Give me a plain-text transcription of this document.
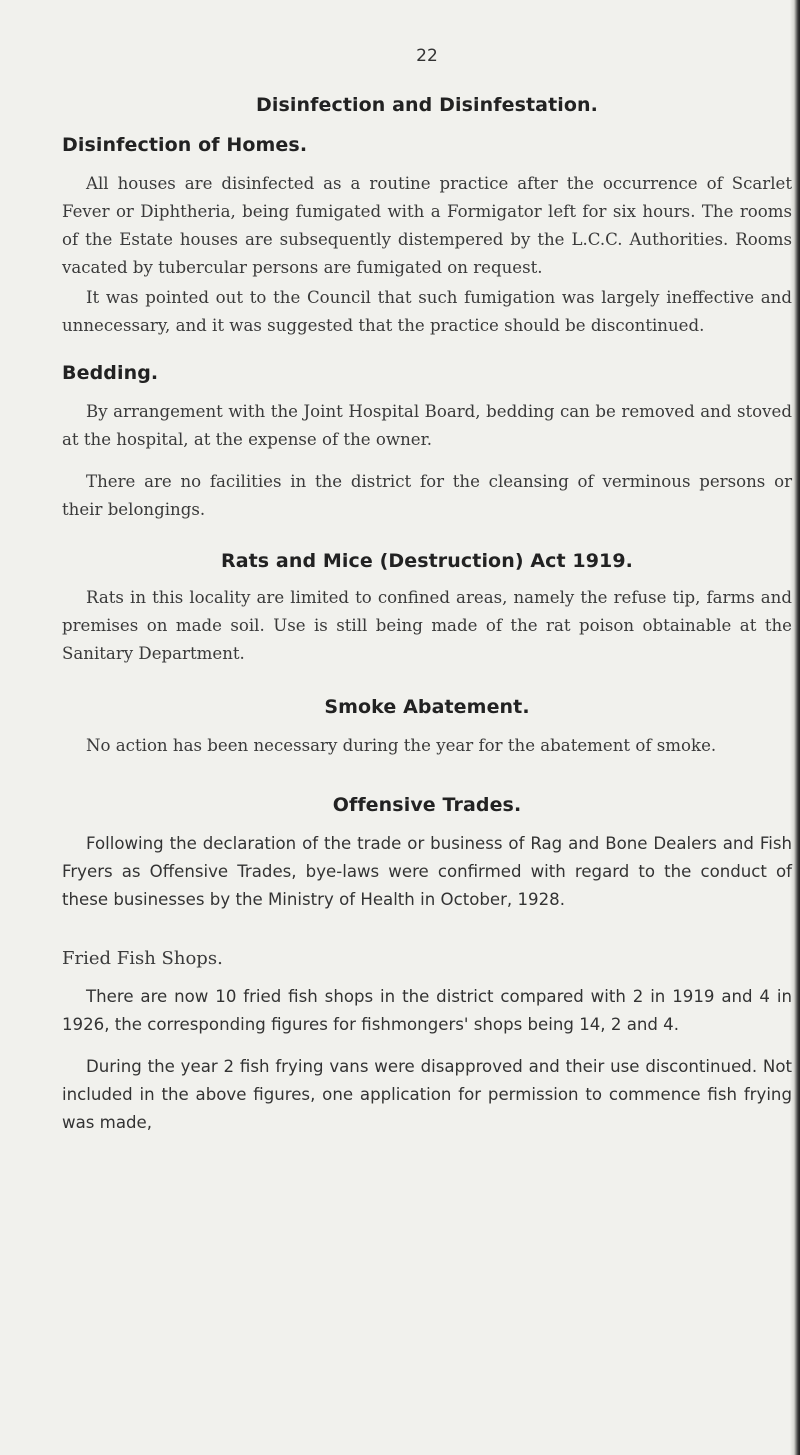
22
Disinfection and Disinfestation.
Disinfection of Homes.

All houses are disinfected as a routine practice after the occurrence of Scarlet Fever or Diphtheria, being fumigated with a Formigator left for six hours. The rooms of the Estate houses are subsequently distempered by the L.C.C. Authorities. Rooms vacated by tubercular persons are fumigated on request.

It was pointed out to the Council that such fumigation was largely ineffective and unnecessary, and it was suggested that the practice should be discontinued.

Bedding.

By arrangement with the Joint Hospital Board, bedding can be removed and stoved at the hospital, at the expense of the owner.

There are no facilities in the district for the cleansing of verminous persons or their belongings.

Rats and Mice (Destruction) Act 1919.

Rats in this locality are limited to confined areas, namely the refuse tip, farms and premises on made soil. Use is still being made of the rat poison obtainable at the Sanitary Department.

Smoke Abatement.

No action has been necessary during the year for the abatement of smoke.

Offensive Trades.

Following the declaration of the trade or business of Rag and Bone Dealers and Fish Fryers as Offensive Trades, bye-laws were confirmed with regard to the conduct of these businesses by the Ministry of Health in October, 1928.

Fried Fish Shops.

There are now 10 fried fish shops in the district compared with 2 in 1919 and 4 in 1926, the corresponding figures for fishmongers' shops being 14, 2 and 4.

During the year 2 fish frying vans were disapproved and their use discontinued. Not included in the above figures, one application for permission to commence fish frying was made,
